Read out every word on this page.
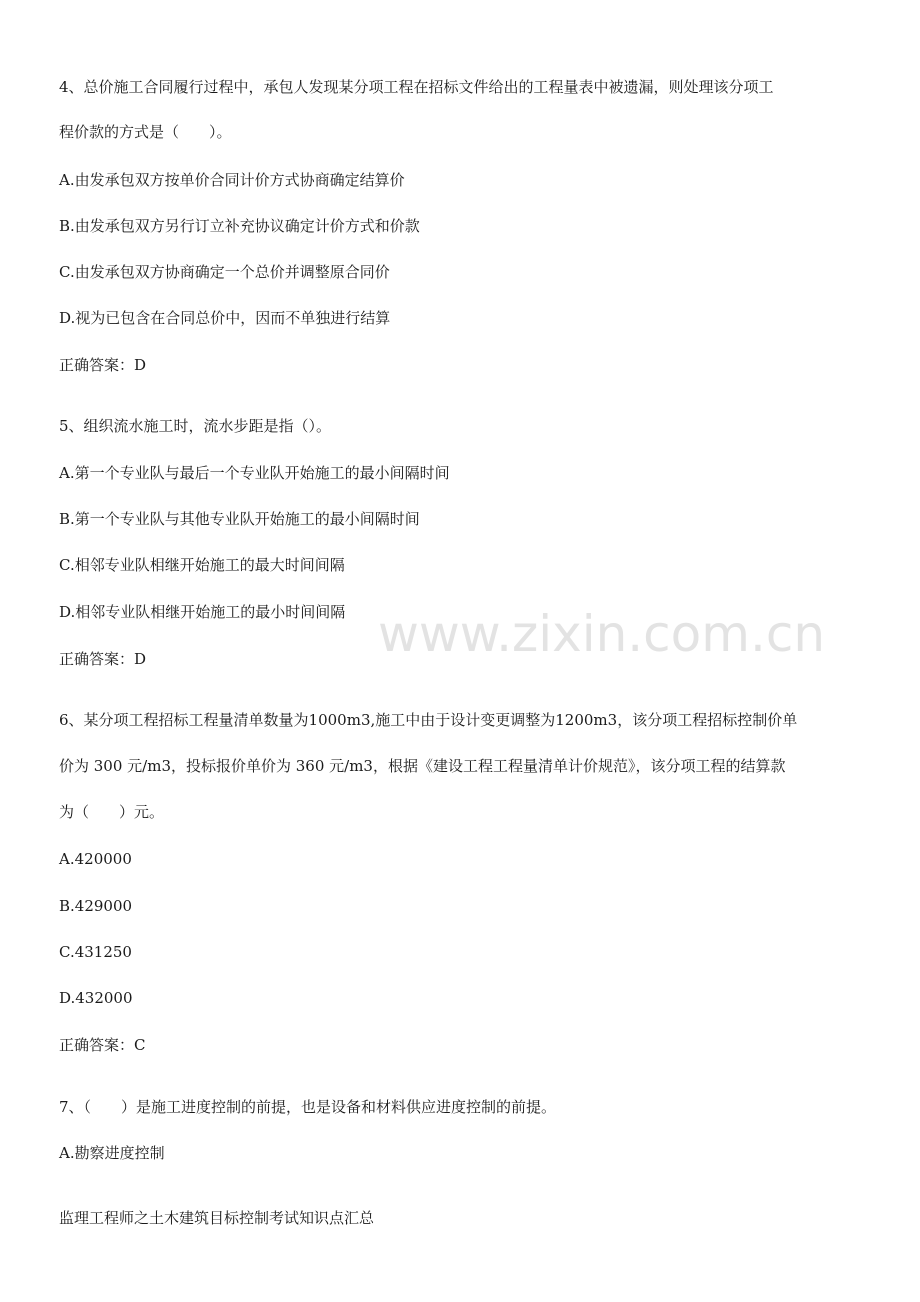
4、总价施工合同履行过程中，承包人发现某分项工程在招标文件给出的工程量表中被遗漏，则处理该分项工
程价款的方式是（　　）。
A.由发承包双方按单价合同计价方式协商确定结算价
B.由发承包双方另行订立补充协议确定计价方式和价款
C.由发承包双方协商确定一个总价并调整原合同价
D.视为已包含在合同总价中，因而不单独进行结算
正确答案：D
5、组织流水施工时，流水步距是指（）。
A.第一个专业队与最后一个专业队开始施工的最小间隔时间
B.第一个专业队与其他专业队开始施工的最小间隔时间
C.相邻专业队相继开始施工的最大时间间隔
D.相邻专业队相继开始施工的最小时间间隔
正确答案：D
6、某分项工程招标工程量清单数量为1000m3,施工中由于设计变更调整为1200m3，该分项工程招标控制价单
价为 300 元/m3，投标报价单价为 360 元/m3，根据《建设工程工程量清单计价规范》，该分项工程的结算款
为（　　）元。
A.420000
B.429000
C.431250
D.432000
正确答案：C
7、（　　）是施工进度控制的前提，也是设备和材料供应进度控制的前提。
A.勘察进度控制
www.zixin.com.cn
监理工程师之土木建筑目标控制考试知识点汇总
